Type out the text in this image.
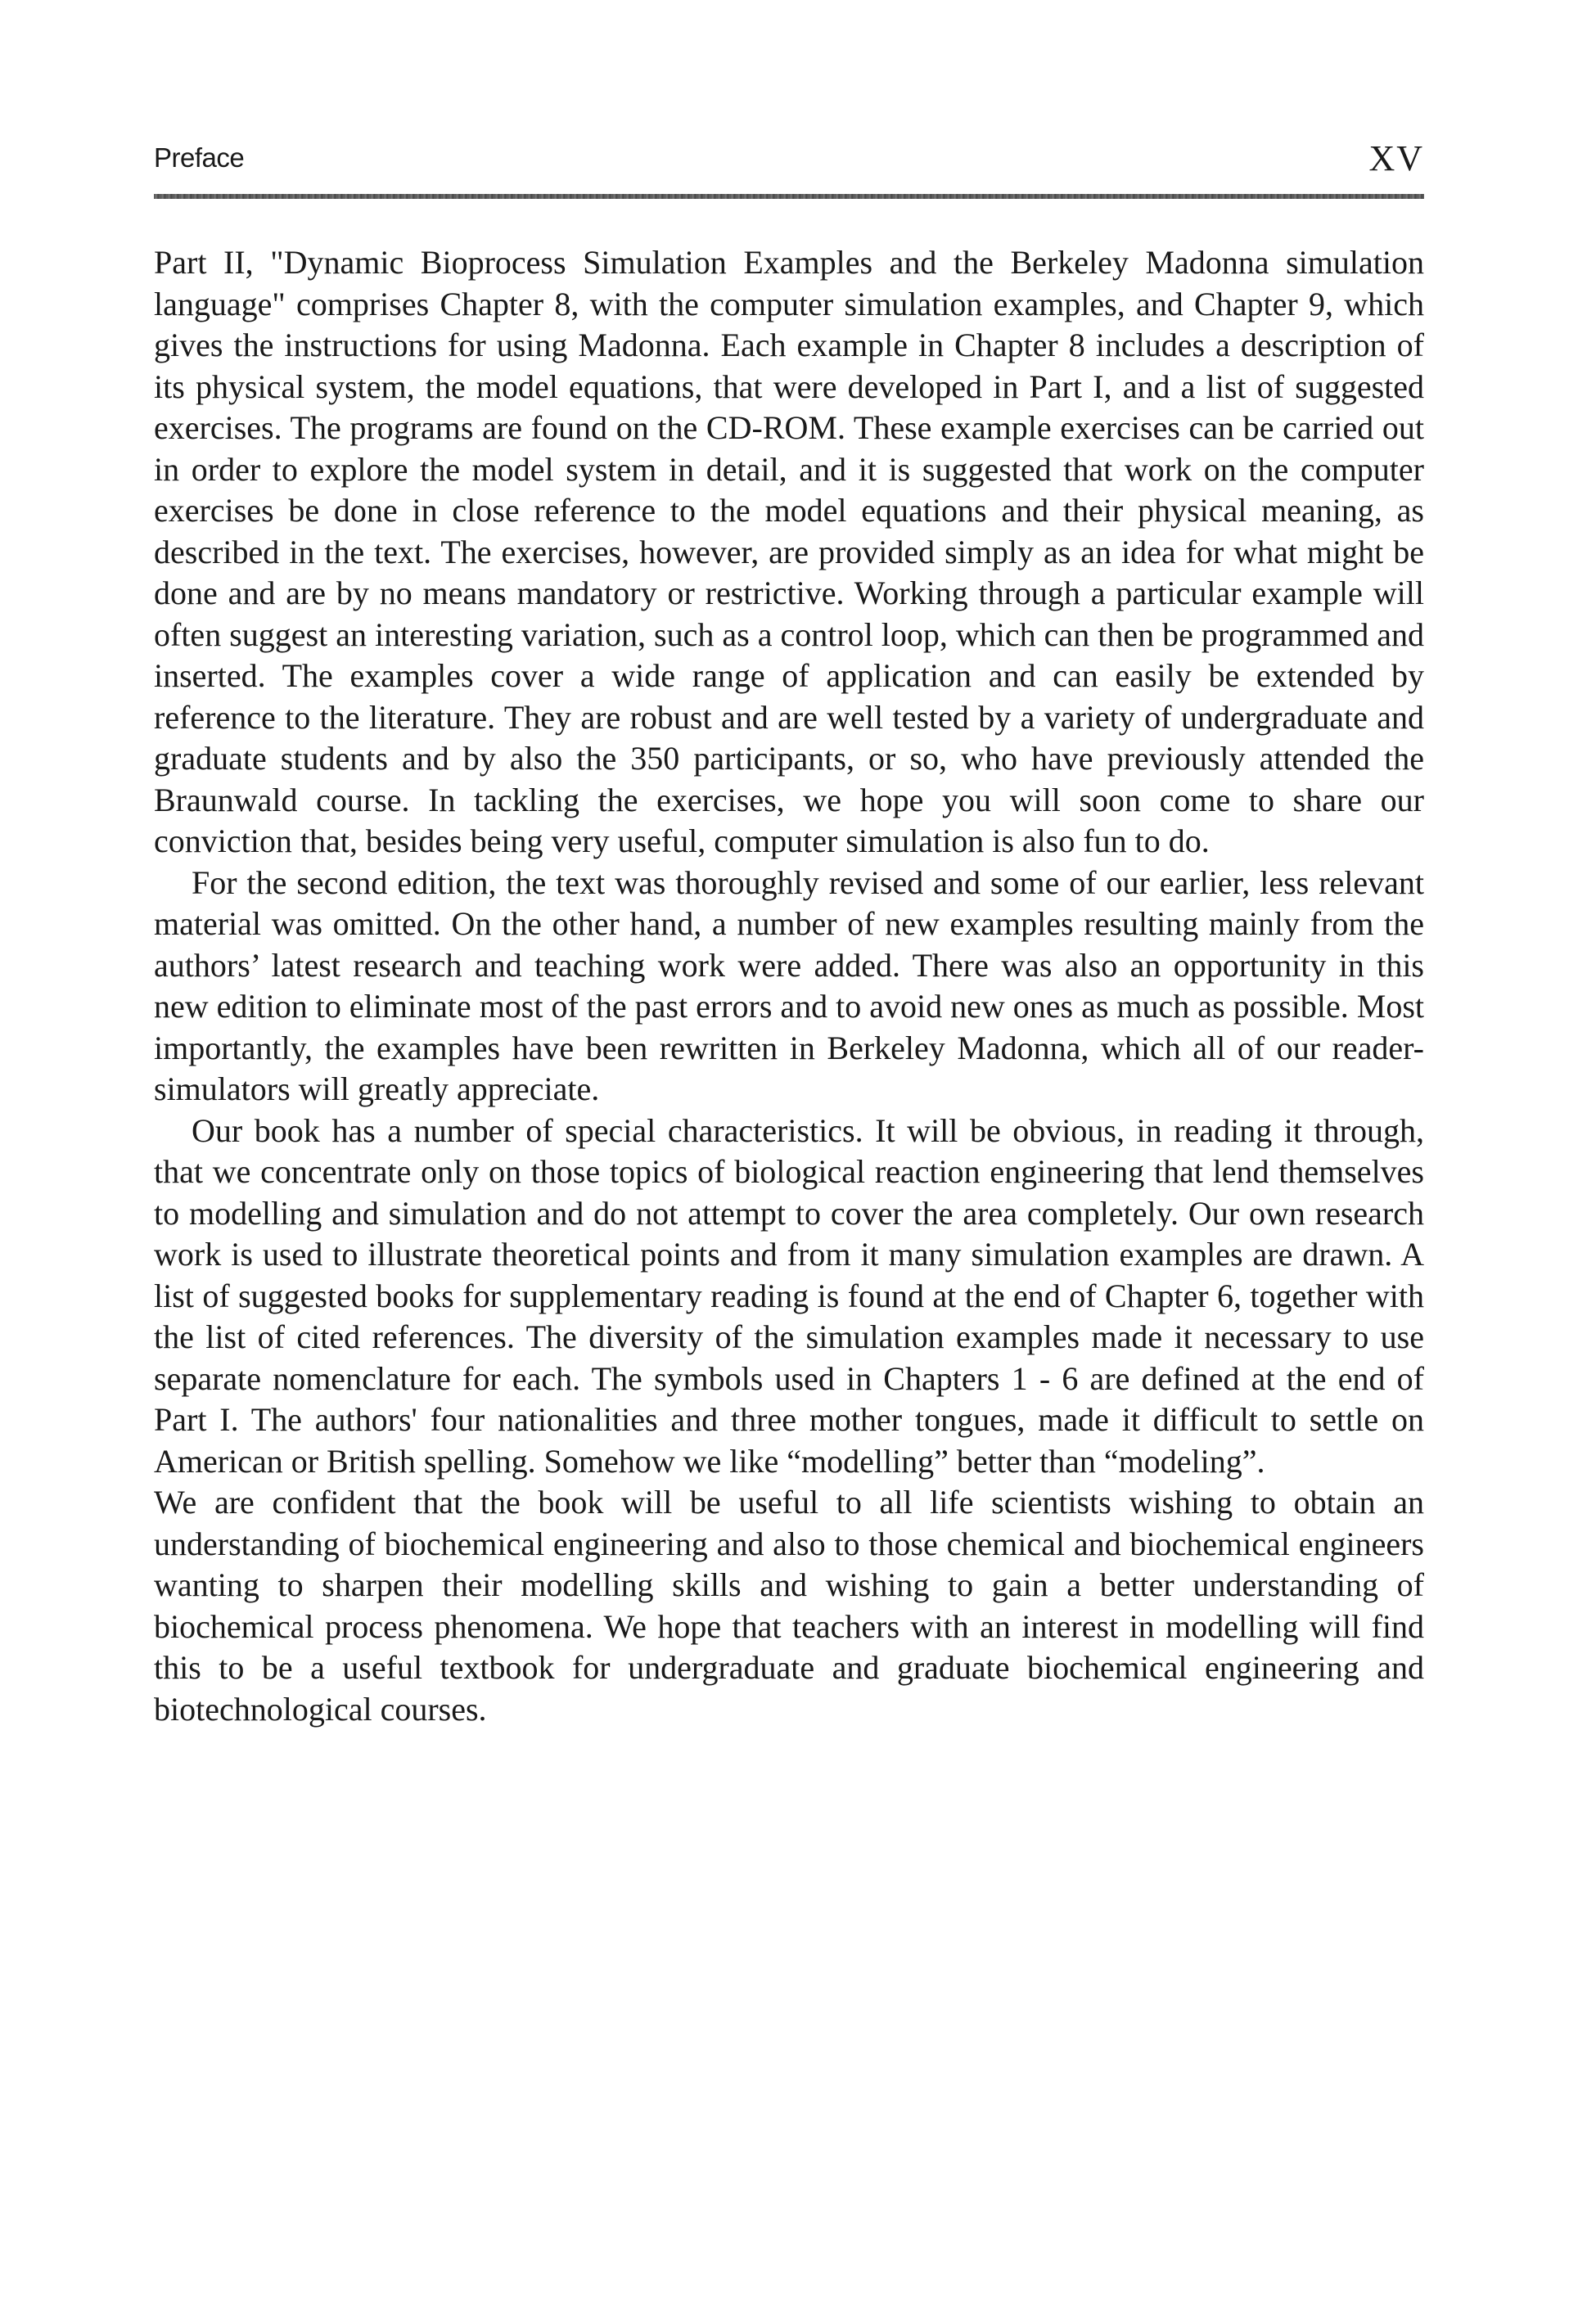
Preface	XV

Part II, "Dynamic Bioprocess Simulation Examples and the Berkeley Madonna simulation language" comprises Chapter 8, with the computer simulation examples, and Chapter 9, which gives the instructions for using Madonna. Each example in Chapter 8 includes a description of its physical system, the model equations, that were developed in Part I, and a list of suggested exercises. The programs are found on the CD-ROM. These example exercises can be carried out in order to explore the model system in detail, and it is suggested that work on the computer exercises be done in close reference to the model equations and their physical meaning, as described in the text. The exercises, however, are provided simply as an idea for what might be done and are by no means mandatory or restrictive. Working through a particular example will often suggest an interesting variation, such as a control loop, which can then be programmed and inserted. The examples cover a wide range of application and can easily be extended by reference to the literature. They are robust and are well tested by a variety of undergraduate and graduate students and by also the 350 participants, or so, who have previously attended the Braunwald course. In tackling the exercises, we hope you will soon come to share our conviction that, besides being very useful, computer simulation is also fun to do.

For the second edition, the text was thoroughly revised and some of our earlier, less relevant material was omitted. On the other hand, a number of new examples resulting mainly from the authors’ latest research and teaching work were added. There was also an opportunity in this new edition to eliminate most of the past errors and to avoid new ones as much as possible. Most importantly, the examples have been rewritten in Berkeley Madonna, which all of our reader-simulators will greatly appreciate.

Our book has a number of special characteristics. It will be obvious, in reading it through, that we concentrate only on those topics of biological reaction engineering that lend themselves to modelling and simulation and do not attempt to cover the area completely. Our own research work is used to illustrate theoretical points and from it many simulation examples are drawn. A list of suggested books for supplementary reading is found at the end of Chapter 6, together with the list of cited references. The diversity of the simulation examples made it necessary to use separate nomenclature for each. The symbols used in Chapters 1 - 6 are defined at the end of Part I. The authors' four nationalities and three mother tongues, made it difficult to settle on American or British spelling. Somehow we like “modelling” better than “modeling”.

We are confident that the book will be useful to all life scientists wishing to obtain an understanding of biochemical engineering and also to those chemical and biochemical engineers wanting to sharpen their modelling skills and wishing to gain a better understanding of biochemical process phenomena. We hope that teachers with an interest in modelling will find this to be a useful textbook for undergraduate and graduate biochemical engineering and biotechnological courses.
